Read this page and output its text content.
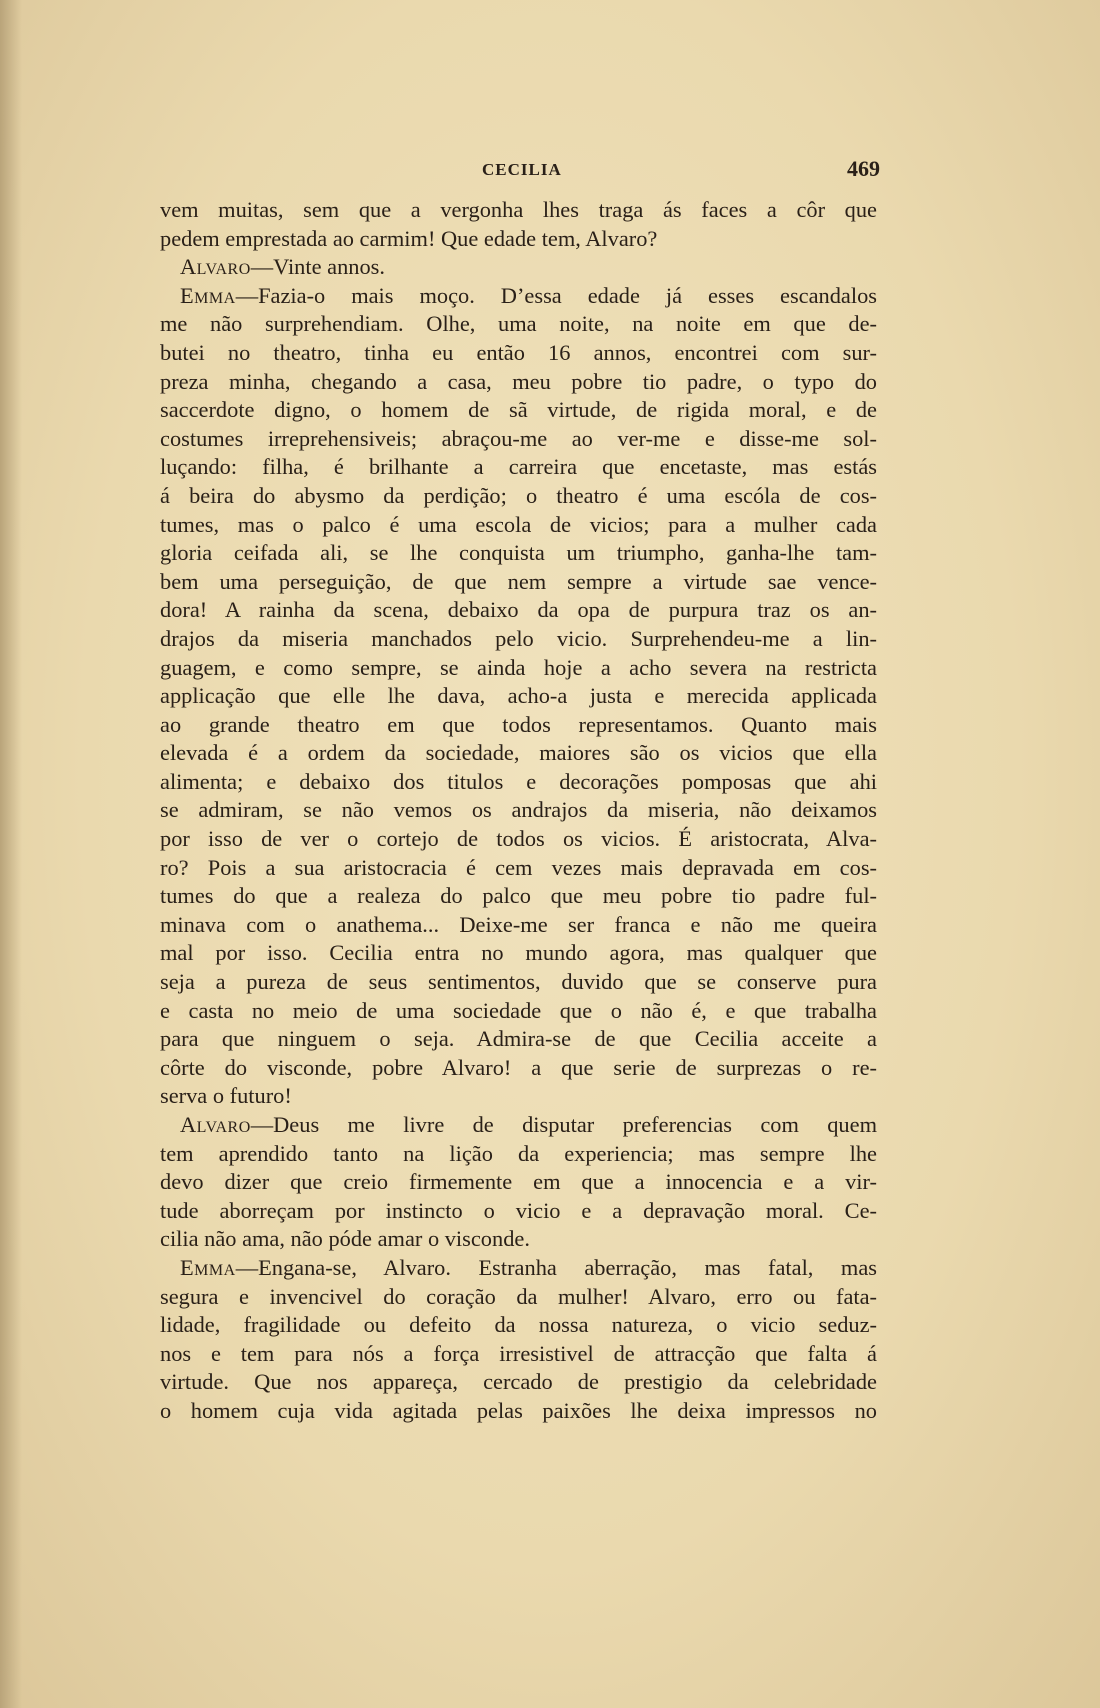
CECILIA	469
vem muitas, sem que a vergonha lhes traga ás faces a côr que
pedem emprestada ao carmim! Que edade tem, Alvaro?
Alvaro—Vinte annos.
Emma—Fazia-o mais moço. D’essa edade já esses escandalos
me não surprehendiam. Olhe, uma noite, na noite em que de-
butei no theatro, tinha eu então 16 annos, encontrei com sur-
preza minha, chegando a casa, meu pobre tio padre, o typo do
saccerdote digno, o homem de sã virtude, de rigida moral, e de
costumes irreprehensiveis; abraçou-me ao ver-me e disse-me sol-
luçando: filha, é brilhante a carreira que encetaste, mas estás
á beira do abysmo da perdição; o theatro é uma escóla de cos-
tumes, mas o palco é uma escola de vicios; para a mulher cada
gloria ceifada ali, se lhe conquista um triumpho, ganha-lhe tam-
bem uma perseguição, de que nem sempre a virtude sae vence-
dora! A rainha da scena, debaixo da opa de purpura traz os an-
drajos da miseria manchados pelo vicio. Surprehendeu-me a lin-
guagem, e como sempre, se ainda hoje a acho severa na restricta
applicação que elle lhe dava, acho-a justa e merecida applicada
ao grande theatro em que todos representamos. Quanto mais
elevada é a ordem da sociedade, maiores são os vicios que ella
alimenta; e debaixo dos titulos e decorações pomposas que ahi
se admiram, se não vemos os andrajos da miseria, não deixamos
por isso de ver o cortejo de todos os vicios. É aristocrata, Alva-
ro? Pois a sua aristocracia é cem vezes mais depravada em cos-
tumes do que a realeza do palco que meu pobre tio padre ful-
minava com o anathema... Deixe-me ser franca e não me queira
mal por isso. Cecilia entra no mundo agora, mas qualquer que
seja a pureza de seus sentimentos, duvido que se conserve pura
e casta no meio de uma sociedade que o não é, e que trabalha
para que ninguem o seja. Admira-se de que Cecilia acceite a
côrte do visconde, pobre Alvaro! a que serie de surprezas o re-
serva o futuro!
Alvaro—Deus me livre de disputar preferencias com quem
tem aprendido tanto na lição da experiencia; mas sempre lhe
devo dizer que creio firmemente em que a innocencia e a vir-
tude aborreçam por instincto o vicio e a depravação moral. Ce-
cilia não ama, não póde amar o visconde.
Emma—Engana-se, Alvaro. Estranha aberração, mas fatal, mas
segura e invencivel do coração da mulher! Alvaro, erro ou fata-
lidade, fragilidade ou defeito da nossa natureza, o vicio seduz-
nos e tem para nós a força irresistivel de attracção que falta á
virtude. Que nos appareça, cercado de prestigio da celebridade
o homem cuja vida agitada pelas paixões lhe deixa impressos no
